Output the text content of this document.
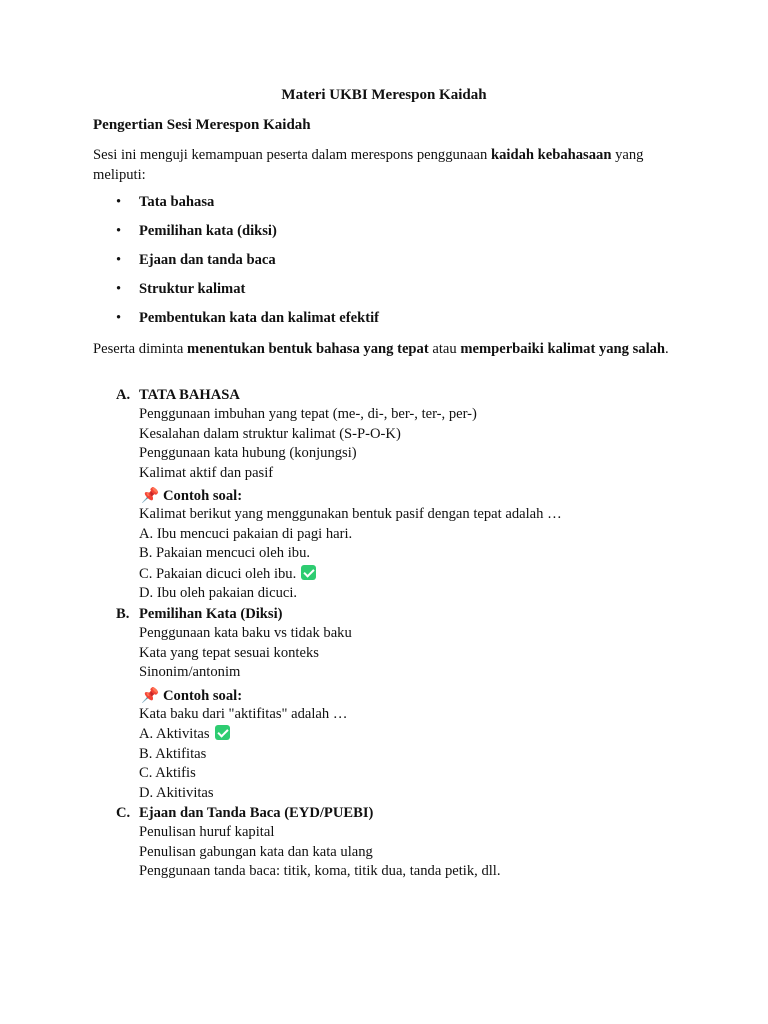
Materi UKBI Merespon Kaidah
Pengertian Sesi Merespon Kaidah
Sesi ini menguji kemampuan peserta dalam merespons penggunaan kaidah kebahasaan yang meliputi:
• Tata bahasa
• Pemilihan kata (diksi)
• Ejaan dan tanda baca
• Struktur kalimat
• Pembentukan kata dan kalimat efektif
Peserta diminta menentukan bentuk bahasa yang tepat atau memperbaiki kalimat yang salah.
A. TATA BAHASA
Penggunaan imbuhan yang tepat (me-, di-, ber-, ter-, per-)
Kesalahan dalam struktur kalimat (S-P-O-K)
Penggunaan kata hubung (konjungsi)
Kalimat aktif dan pasif
📌 Contoh soal:
Kalimat berikut yang menggunakan bentuk pasif dengan tepat adalah …
A. Ibu mencuci pakaian di pagi hari.
B. Pakaian mencuci oleh ibu.
C. Pakaian dicuci oleh ibu.
D. Ibu oleh pakaian dicuci.
B. Pemilihan Kata (Diksi)
Penggunaan kata baku vs tidak baku
Kata yang tepat sesuai konteks
Sinonim/antonim
📌 Contoh soal:
Kata baku dari "aktifitas" adalah …
A. Aktivitas
B. Aktifitas
C. Aktifis
D. Akitivitas
C. Ejaan dan Tanda Baca (EYD/PUEBI)
Penulisan huruf kapital
Penulisan gabungan kata dan kata ulang
Penggunaan tanda baca: titik, koma, titik dua, tanda petik, dll.
